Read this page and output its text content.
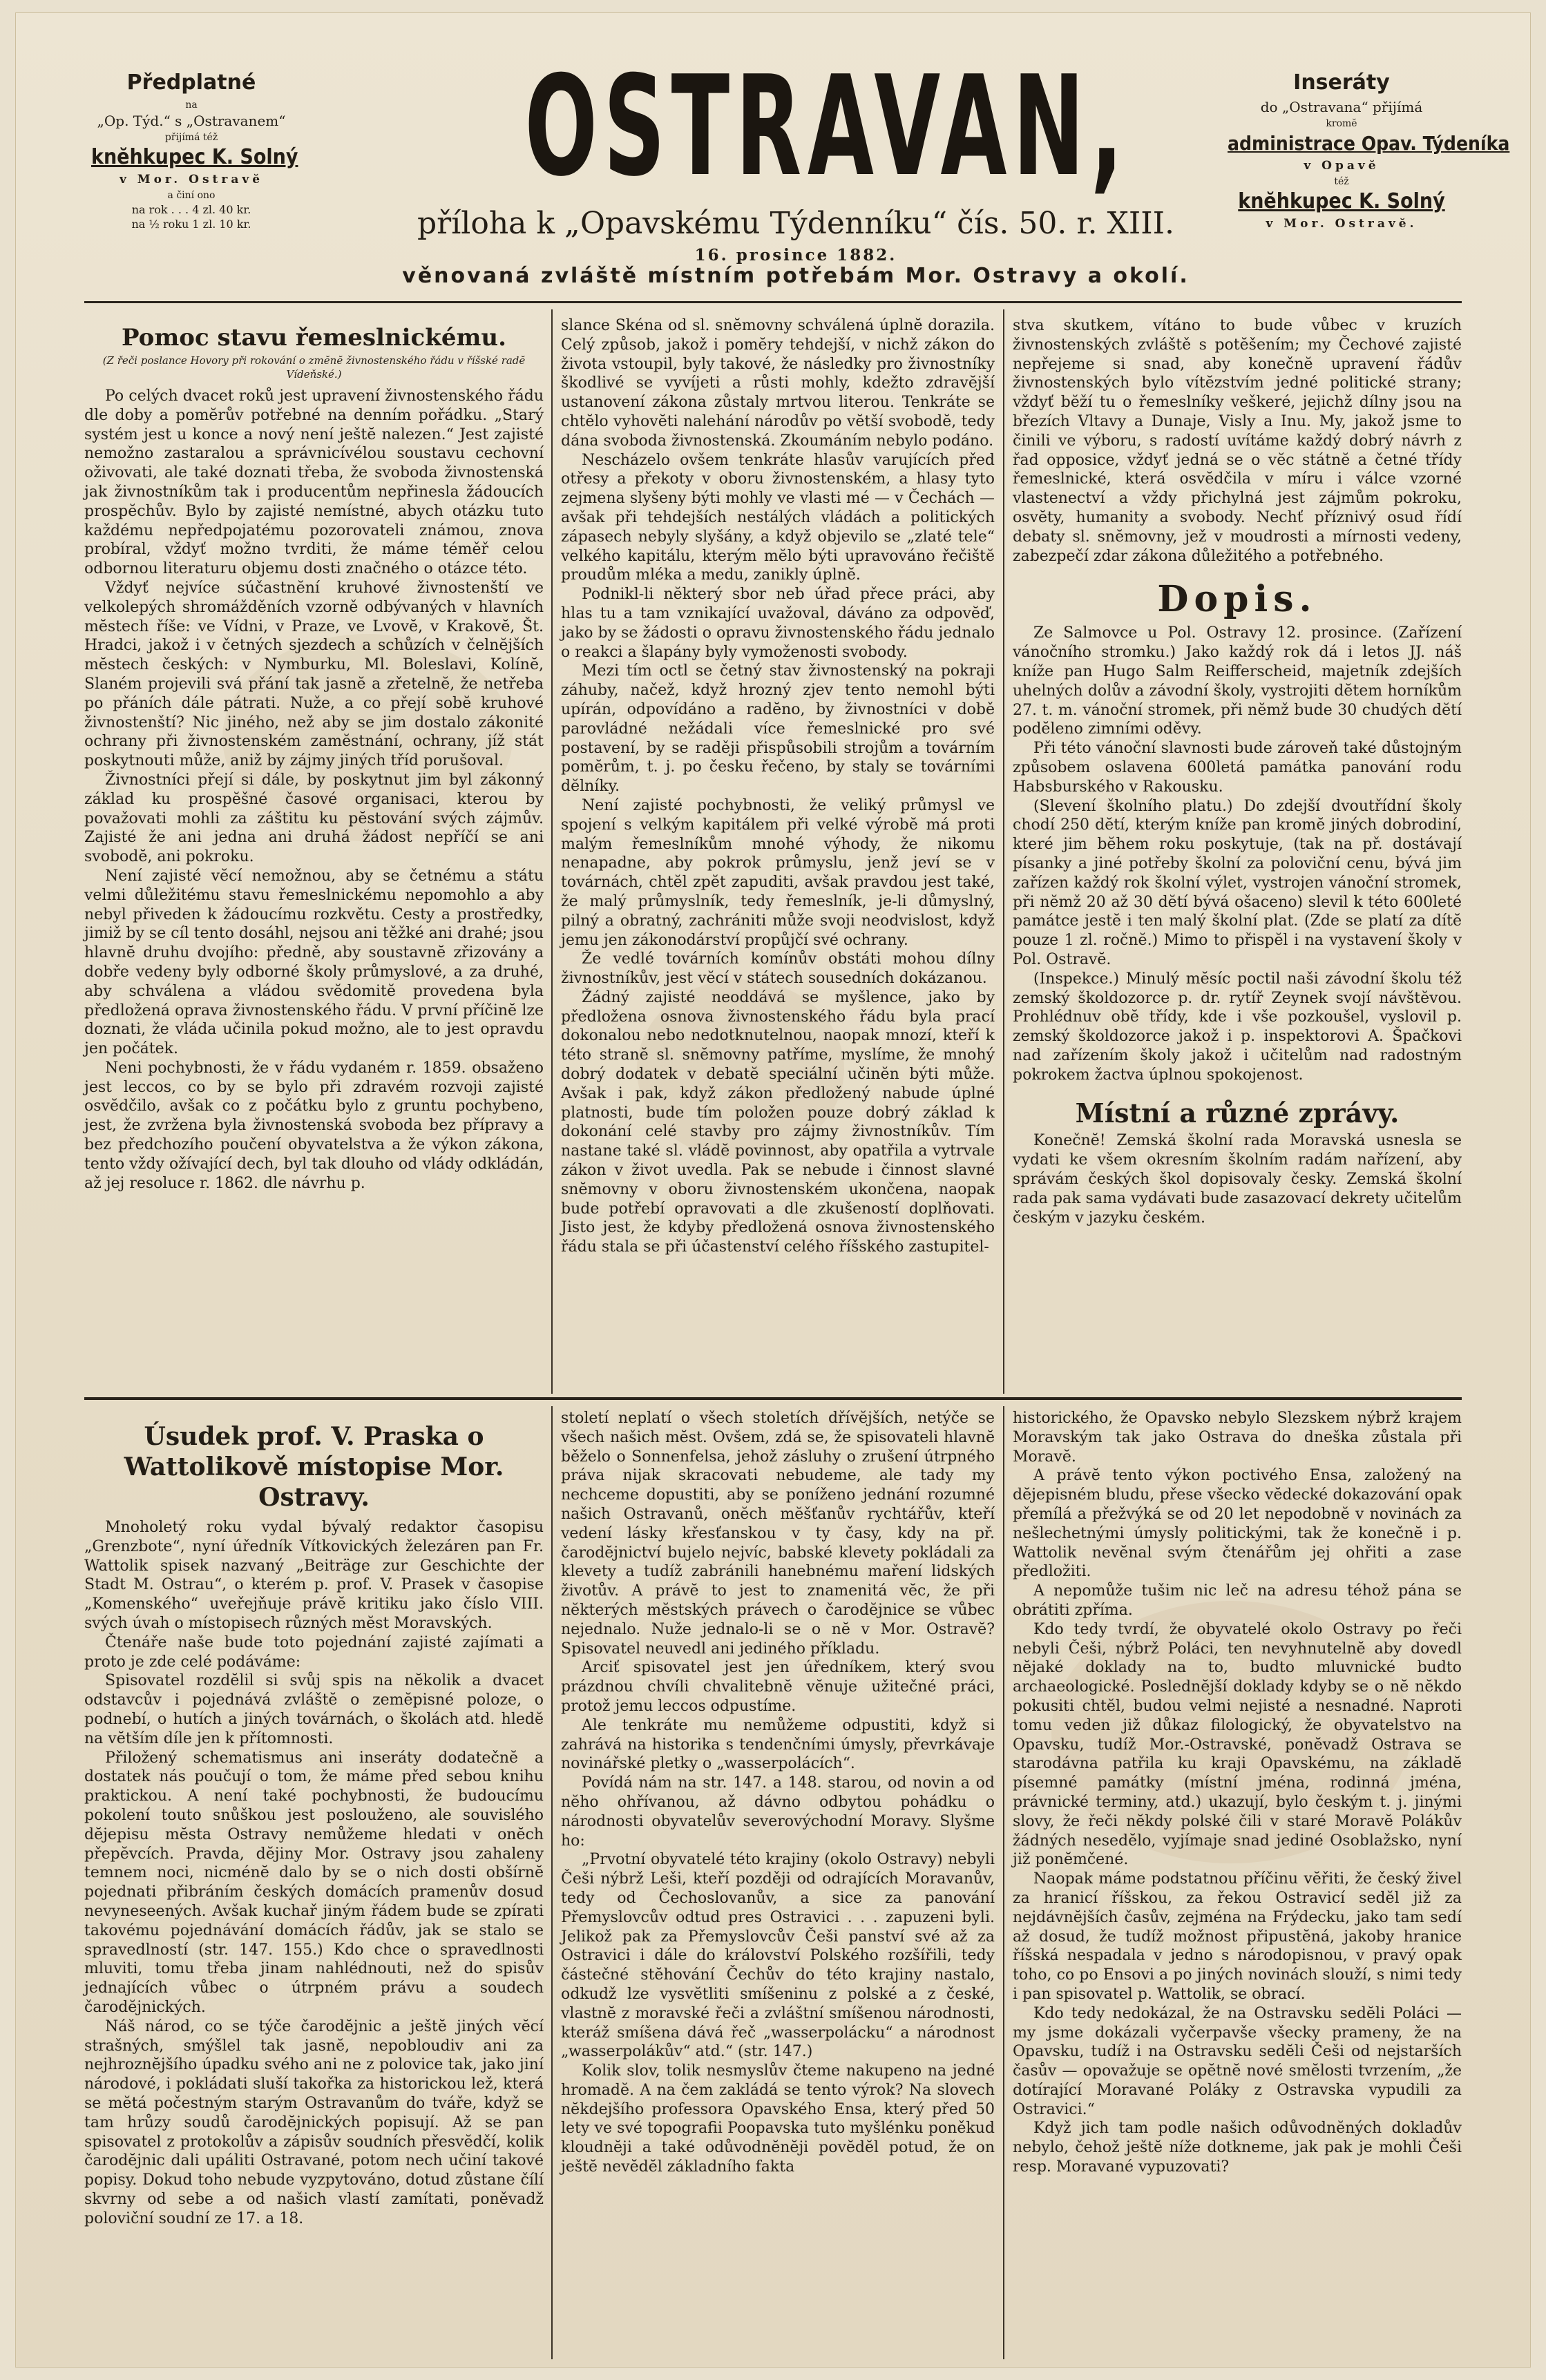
Předplatné
na
„Op. Týd.“ s „Ostravanem“
přijímá též
knĕhkupec K. Solný
v Mor. Ostravĕ
a činí ono
na rok . . . 4 zl. 40 kr.
na ½ roku 1 zl. 10 kr.
OSTRAVAN,
příloha k „Opavskému Týdenníku“ čís. 50. r. XIII.
16. prosince 1882.
věnovaná zvláště místním potřebám Mor. Ostravy a okolí.
Inseráty
do „Ostravana“ přijímá
kromĕ
administrace Opav. Týdeníka
v Opavĕ
též
knĕhkupec K. Solný
v Mor. Ostravĕ.
Pomoc stavu řemeslnickému.
(Z řeči poslance Hovory při rokování o zmĕnĕ živnostenského řádu v říšské radĕ Vídeňské.)

Po celých dvacet roků jest upravení živnostenského řádu dle doby a pomĕrův potřebné na denním pořádku. „Starý systém jest u konce a nový není ještĕ nalezen.“ Jest zajisté nemožno zastaralou a správnicívélou soustavu cechovní oživovati, ale také doznati třeba, že svoboda živnostenská jak živnostníkům tak i producentům nepřinesla žádoucích prospĕchův. Bylo by zajisté nemístné, abych otázku tuto každému nepředpojatému pozorovateli známou, znova probíral, vždyť možno tvrditi, že máme téměř celou odbornou literaturu objemu dosti značného o otázce této.

Vždyť nejvíce súčastnĕní kruhové živnostenští ve velkolepých shromážděních vzorně odbývaných v hlavních mĕstech říše: ve Vídni, v Praze, ve Lvovĕ, v Krakovĕ, Št. Hradci, jakož i v četných sjezdech a schůzích v čelnĕjších mĕstech českých: v Nymburku, Ml. Boleslavi, Kolínĕ, Slaném projevili svá přání tak jasnĕ a zřetelnĕ, že netřeba po přáních dále pátrati. Nuže, a co přejí sobĕ kruhové živnostenští? Nic jiného, než aby se jim dostalo zákonité ochrany při živnostenském zamĕstnání, ochrany, jíž stát poskytnouti může, aniž by zájmy jiných tříd porušoval.

Živnostníci přejí si dále, by poskytnut jim byl zákonný základ ku prospĕšné časové organisaci, kterou by považovati mohli za záštitu ku pĕstování svých zájmův. Zajisté že ani jedna ani druhá žádost nepříčí se ani svobodĕ, ani pokroku.

Není zajisté vĕcí nemožnou, aby se četnému a státu velmi důležitému stavu řemeslnickému nepomohlo a aby nebyl přiveden k žádoucímu rozkvětu. Cesty a prostředky, jimiž by se cíl tento dosáhl, nejsou ani těžké ani drahé; jsou hlavnĕ druhu dvojího: předně, aby soustavnĕ zřizovány a dobře vedeny byly odborné školy průmyslové, a za druhé, aby schválena a vládou svĕdomitĕ provedena byla předložená oprava živnostenského řádu. V první příčinĕ lze doznati, že vláda učinila pokud možno, ale to jest opravdu jen počátek.

Neni pochybnosti, že v řádu vydaném r. 1859. obsaženo jest leccos, co by se bylo při zdravém rozvoji zajisté osvĕdčilo, avšak co z počátku bylo z gruntu pochybeno, jest, že zvržena byla živnostenská svoboda bez přípravy a bez předchozího poučení obyvatelstva a že výkon zákona, tento vždy ožívající dech, byl tak dlouho od vlády odkládán, až jej resoluce r. 1862. dle návrhu p.

slance Skéna od sl. snĕmovny schválená úplnĕ dorazila. Celý způsob, jakož i pomĕry tehdejší, v nichž zákon do života vstoupil, byly takové, že následky pro živnostníky škodlivé se vyvíjeti a růsti mohly, kdežto zdravĕjší ustanovení zákona zůstaly mrtvou literou. Tenkráte se chtĕlo vyhovĕti nalehání národův po vĕtší svobodĕ, tedy dána svoboda živnostenská. Zkoumáním nebylo podáno.

Nescházelo ovšem tenkráte hlasův varujících před otřesy a překoty v oboru živnostenském, a hlasy tyto zejmena slyšeny býti mohly ve vlasti mé — v Čechách — avšak při tehdejších nestálých vládách a politických zápasech nebyly slyšány, a když objevilo se „zlaté tele“ velkého kapitálu, kterým mĕlo býti upravováno řečištĕ proudům mléka a medu, zanikly úplnĕ.

Podnikl-li nĕkterý sbor neb úřad přece práci, aby hlas tu a tam vznikající uvažoval, dáváno za odpovĕď, jako by se žádosti o opravu živnostenského řádu jednalo o reakci a šlapány byly vymoženosti svobody.

Mezi tím octl se četný stav živnostenský na pokraji záhuby, načež, když hrozný zjev tento nemohl býti upírán, odpovídáno a radĕno, by živnostníci v době parovládné nežádali více řemeslnické pro své postavení, by se raději přispůsobili strojům a továrním pomĕrům, t. j. po česku řečeno, by staly se továrními dĕlníky.

Není zajisté pochybnosti, že veliký průmysl ve spojení s velkým kapitálem při velké výrobĕ má proti malým řemeslníkům mnohé výhody, že nikomu nenapadne, aby pokrok průmyslu, jenž jeví se v továrnách, chtĕl zpĕt zapuditi, avšak pravdou jest také, že malý průmyslník, tedy řemeslník, je-li důmyslný, pilný a obratný, zachrániti může svoji neodvislost, když jemu jen zákonodárství propůjčí své ochrany.

Že vedlé továrních komínův obstáti mohou dílny živnostníkův, jest vĕcí v státech sousedních dokázanou.

Žádný zajisté neoddává se myšlence, jako by předložena osnova živnostenského řádu byla prací dokonalou nebo nedotknutelnou, naopak mnozí, kteří k této stranĕ sl. snĕmovny patříme, myslíme, že mnohý dobrý dodatek v debatĕ speciální učinĕn býti může. Avšak i pak, když zákon předložený nabude úplné platnosti, bude tím položen pouze dobrý základ k dokonání celé stavby pro zájmy živnostníkův. Tím nastane také sl. vládĕ povinnost, aby opatřila a vytrvale zákon v život uvedla. Pak se nebude i činnost slavné snĕmovny v oboru živnostenském ukončena, naopak bude potřebí opravovati a dle zkušeností doplňovati. Jisto jest, že kdyby předložená osnova živnostenského řádu stala se při účastenství celého říšského zastupitel-

stva skutkem, vítáno to bude vůbec v kruzích živnostenských zvláště s potĕšením; my Čechové zajisté nepřejeme si snad, aby konečnĕ upravení řádův živnostenských bylo vítĕzstvím jedné politické strany; vždyť bĕží tu o řemeslníky veškeré, jejichž dílny jsou na březích Vltavy a Dunaje, Visly a Inu. My, jakož jsme to činili ve výboru, s radostí uvítáme každý dobrý návrh z řad opposice, vždyť jedná se o vĕc státnĕ a četné třídy řemeslnické, která osvĕdčila v míru i válce vzorné vlastenectví a vždy přichylná jest zájmům pokroku, osvĕty, humanity a svobody. Nechť příznivý osud řídí debaty sl. snĕmovny, jež v moudrosti a mírnosti vedeny, zabezpečí zdar zákona důležitého a potřebného.

Dopis.

Ze Salmovce u Pol. Ostravy 12. prosince. (Zařízení vánočního stromku.) Jako každý rok dá i letos JJ. náš kníže pan Hugo Salm Reifferscheid, majetník zdejších uhelných dolův a závodní školy, vystrojiti dĕtem horníkům 27. t. m. vánoční stromek, při nĕmž bude 30 chudých dĕtí podĕleno zimními oděvy.

Při této vánoční slavnosti bude zároveň také důstojným způsobem oslavena 600letá památka panování rodu Habsburského v Rakousku.

(Slevení školního platu.) Do zdejší dvoutřídní školy chodí 250 dĕtí, kterým kníže pan kromĕ jiných dobrodiní, které jim bĕhem roku poskytuje, (tak na př. dostávají písanky a jiné potřeby školní za poloviční cenu, bývá jim zařízen každý rok školní výlet, vystrojen vánoční stromek, při nĕmž 20 až 30 dĕtí bývá ošaceno) slevil k této 600leté památce jestĕ i ten malý školní plat. (Zde se platí za dítĕ pouze 1 zl. ročnĕ.) Mimo to přispĕl i na vystavení školy v Pol. Ostravĕ.

(Inspekce.) Minulý mĕsíc poctil naši závodní školu též zemský školdozorce p. dr. rytíř Zeynek svojí návštĕvou. Prohlédnuv obĕ třídy, kde i vše pozkoušel, vyslovil p. zemský školdozorce jakož i p. inspektorovi A. Špačkovi nad zařízením školy jakož i učitelům nad radostným pokrokem žactva úplnou spokojenost.

Místní a různé zprávy.

Konečnĕ! Zemská školní rada Moravská usnesla se vydati ke všem okresním školním radám nařízení, aby správám českých škol dopisovaly česky. Zemská školní rada pak sama vydávati bude zasazovací dekrety učitelům českým v jazyku českém.

Úsudek prof. V. Praska o Wattolikově místopise Mor. Ostravy.

Mnoholetý roku vydal bývalý redaktor časopisu „Grenzbote“, nyní úředník Vítkovických železáren pan Fr. Wattolik spisek nazvaný „Beiträge zur Geschichte der Stadt M. Ostrau“, o kterém p. prof. V. Prasek v časopise „Komenského“ uveřejňuje právĕ kritiku jako číslo VIII. svých úvah o místopisech různých mĕst Moravských.

Čtenáře naše bude toto pojednání zajisté zajímati a proto je zde celé podáváme:

Spisovatel rozdĕlil si svůj spis na nĕkolik a dvacet odstavcův i pojednává zvláštĕ o zemĕpisné poloze, o podnebí, o hutích a jiných továrnách, o školách atd. hledĕ na vĕtším díle jen k přítomnosti.

Přiložený schematismus ani inseráty dodatečnĕ a dostatek nás poučují o tom, že máme před sebou knihu praktickou. A není také pochybnosti, že budoucímu pokolení touto snůškou jest poslouženo, ale souvislého dĕjepisu mĕsta Ostravy nemůžeme hledati v onĕch přepĕvcích. Pravda, dĕjiny Mor. Ostravy jsou zahaleny temnem noci, nicménĕ dalo by se o nich dosti obšírnĕ pojednati přibráním českých domácích pramenův dosud nevyneseených. Avšak kuchař jiným řádem bude se zpírati takovému pojednávání domácích řádův, jak se stalo se spravedlností (str. 147. 155.) Kdo chce o spravedlnosti mluviti, tomu třeba jinam nahlédnouti, než do spisův jednajících vůbec o útrpném právu a soudech čarodĕjnických.

Náš národ, co se týče čarodĕjnic a ještĕ jiných vĕcí strašných, smýšlel tak jasnĕ, nepobloudiv ani za nejhroznĕjšího úpadku svého ani ne z polovice tak, jako jiní národové, i pokládati sluší takořka za historickou lež, která se mĕtá počestným starým Ostravanům do tváře, když se tam hrůzy soudů čarodĕjnických popisují. Až se pan spisovatel z protokolův a zápisův soudních přesvĕdčí, kolik čarodĕjnic dali upáliti Ostravané, potom nech učiní takové popisy. Dokud toho nebude vyzpytováno, dotud zůstane čílí skvrny od sebe a od našich vlastí zamítati, poněvadž poloviční soudní ze 17. a 18.

století neplatí o všech stoletích dřívĕjších, netýče se všech našich mĕst. Ovšem, zdá se, že spisovateli hlavnĕ běželo o Sonnenfelsa, jehož zásluhy o zrušení útrpného práva nijak skracovati nebudeme, ale tady my nechceme dopustiti, aby se poníženo jednání rozumné našich Ostravanů, onĕch mĕšťanův rychtářův, kteří vedení lásky křesťanskou v ty časy, kdy na př. čarodĕjnictví bujelo nejvíc, babské klevety pokládali za klevety a tudíž zabránili hanebnému maření lidských životův. A právĕ to jest to znamenitá vĕc, že při nĕkterých mĕstských právech o čarodĕjnice se vůbec nejednalo. Nuže jednalo-li se o nĕ v Mor. Ostravĕ? Spisovatel neuvedl ani jediného příkladu.

Arciť spisovatel jest jen úředníkem, který svou prázdnou chvíli chvalitebnĕ vĕnuje užitečné práci, protož jemu leccos odpustíme.

Ale tenkráte mu nemůžeme odpustiti, když si zahrává na historika s tendenčními úmysly, převrkávaje novinářské pletky o „wasserpolácích“.

Povídá nám na str. 147. a 148. starou, od novin a od nĕho ohřívanou, až dávno odbytou pohádku o národnosti obyvatelův severovýchodní Moravy. Slyšme ho:

„Prvotní obyvatelé této krajiny (okolo Ostravy) nebyli Češi nýbrž Leši, kteří později od odrajících Moravanův, tedy od Čechoslovanův, a sice za panování Přemyslovcův odtud pres Ostravici . . . zapuzeni byli. Jelikož pak za Přemyslovcův Češi panství své až za Ostravici i dále do království Polského rozšířili, tedy částečné stĕhování Čechův do této krajiny nastalo, odkudž lze vysvĕtliti smíšeninu z polské a z české, vlastnĕ z moravské řeči a zvláštní smíšenou národnosti, kteráž smíšena dává řeč „wasserpolácku“ a národnost „wasserpolákův“ atd.“ (str. 147.)

Kolik slov, tolik nesmyslův čteme nakupeno na jedné hromadĕ. A na čem zakládá se tento výrok? Na slovech nĕkdejšího professora Opavského Ensa, který před 50 lety ve své topografii Poopavska tuto myšlénku poněkud kloudnĕji a také odůvodnĕnĕji povĕdĕl potud, že on ještĕ nevĕdĕl základního fakta

historického, že Opavsko nebylo Slezskem nýbrž krajem Moravským tak jako Ostrava do dneška zůstala při Moravĕ.

A právĕ tento výkon poctivého Ensa, založený na dĕjepisném bludu, přese všecko vĕdecké dokazování opak přemílá a přežvýká se od 20 let nepodobnĕ v novinách za nešlechetnými úmysly politickými, tak že konečnĕ i p. Wattolik nevĕnal svým čtenářům jej ohřiti a zase předložiti.

A nepomůže tušim nic leč na adresu téhož pána se obrátiti zpříma.

Kdo tedy tvrdí, že obyvatelé okolo Ostravy po řeči nebyli Češi, nýbrž Poláci, ten nevyhnutelnĕ aby dovedl nĕjaké doklady na to, budto mluvnické budto archaeologické. Poslednĕjší doklady kdyby se o nĕ nĕkdo pokusiti chtĕl, budou velmi nejisté a nesnadné. Naproti tomu veden již důkaz filologický, že obyvatelstvo na Opavsku, tudíž Mor.-Ostravské, ponĕvadž Ostrava se starodávna patřila ku kraji Opavskému, na základĕ písemné památky (místní jména, rodinná jména, právnické terminy, atd.) ukazují, bylo českým t. j. jinými slovy, že řeči nĕkdy polské čili v staré Moravĕ Polákův žádných nesedĕlo, vyjímaje snad jediné Osoblažsko, nyní již ponĕmčené.

Naopak máme podstatnou příčinu vĕřiti, že český živel za hranicí říšskou, za řekou Ostravicí sedĕl již za nejdávnĕjších časův, zejména na Frýdecku, jako tam sedí až dosud, že tudíž možnost připustĕná, jakoby hranice říšská nespadala v jedno s národopisnou, v pravý opak toho, co po Ensovi a po jiných novinách slouží, s nimi tedy i pan spisovatel p. Wattolik, se obrací.

Kdo tedy nedokázal, že na Ostravsku sedĕli Poláci — my jsme dokázali vyčerpavše všecky prameny, že na Opavsku, tudíž i na Ostravsku sedĕli Češi od nejstarších časův — opovažuje se opĕtnĕ nové smĕlosti tvrzením, „že dotírající Moravané Poláky z Ostravska vypudili za Ostravici.“

Když jich tam podle našich odůvodnĕných dokladův nebylo, čehož ještĕ níže dotkneme, jak pak je mohli Češi resp. Moravané vypuzovati?
